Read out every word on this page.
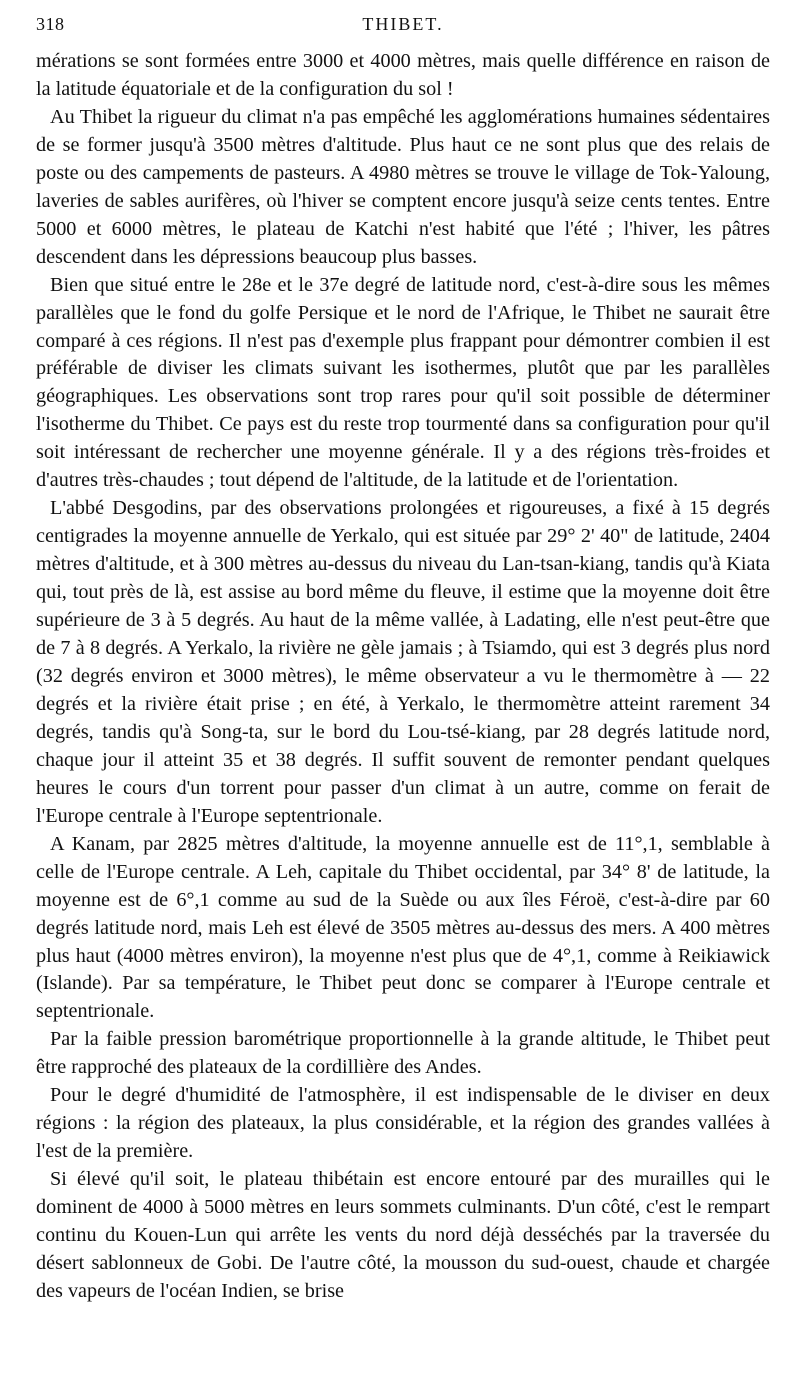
318	THIBET.

mérations se sont formées entre 3000 et 4000 mètres, mais quelle différence en raison de la latitude équatoriale et de la configuration du sol !

Au Thibet la rigueur du climat n'a pas empêché les agglomérations humaines sédentaires de se former jusqu'à 3500 mètres d'altitude. Plus haut ce ne sont plus que des relais de poste ou des campements de pasteurs. A 4980 mètres se trouve le village de Tok-Yaloung, laveries de sables aurifères, où l'hiver se comptent encore jusqu'à seize cents tentes. Entre 5000 et 6000 mètres, le plateau de Katchi n'est habité que l'été ; l'hiver, les pâtres descendent dans les dépressions beaucoup plus basses.

Bien que situé entre le 28e et le 37e degré de latitude nord, c'est-à-dire sous les mêmes parallèles que le fond du golfe Persique et le nord de l'Afrique, le Thibet ne saurait être comparé à ces régions. Il n'est pas d'exemple plus frappant pour démontrer combien il est préférable de diviser les climats suivant les isothermes, plutôt que par les parallèles géographiques. Les observations sont trop rares pour qu'il soit possible de déterminer l'isotherme du Thibet. Ce pays est du reste trop tourmenté dans sa configuration pour qu'il soit intéressant de rechercher une moyenne générale. Il y a des régions très-froides et d'autres très-chaudes ; tout dépend de l'altitude, de la latitude et de l'orientation.

L'abbé Desgodins, par des observations prolongées et rigoureuses, a fixé à 15 degrés centigrades la moyenne annuelle de Yerkalo, qui est située par 29° 2' 40" de latitude, 2404 mètres d'altitude, et à 300 mètres au-dessus du niveau du Lan-tsan-kiang, tandis qu'à Kiata qui, tout près de là, est assise au bord même du fleuve, il estime que la moyenne doit être supérieure de 3 à 5 degrés. Au haut de la même vallée, à Ladating, elle n'est peut-être que de 7 à 8 degrés. A Yerkalo, la rivière ne gèle jamais ; à Tsiamdo, qui est 3 degrés plus nord (32 degrés environ et 3000 mètres), le même observateur a vu le thermomètre à — 22 degrés et la rivière était prise ; en été, à Yerkalo, le thermomètre atteint rarement 34 degrés, tandis qu'à Song-ta, sur le bord du Lou-tsé-kiang, par 28 degrés latitude nord, chaque jour il atteint 35 et 38 degrés. Il suffit souvent de remonter pendant quelques heures le cours d'un torrent pour passer d'un climat à un autre, comme on ferait de l'Europe centrale à l'Europe septentrionale.

A Kanam, par 2825 mètres d'altitude, la moyenne annuelle est de 11°,1, semblable à celle de l'Europe centrale. A Leh, capitale du Thibet occidental, par 34° 8' de latitude, la moyenne est de 6°,1 comme au sud de la Suède ou aux îles Féroë, c'est-à-dire par 60 degrés latitude nord, mais Leh est élevé de 3505 mètres au-dessus des mers. A 400 mètres plus haut (4000 mètres environ), la moyenne n'est plus que de 4°,1, comme à Reikiawick (Islande). Par sa température, le Thibet peut donc se comparer à l'Europe centrale et septentrionale.

Par la faible pression barométrique proportionnelle à la grande altitude, le Thibet peut être rapproché des plateaux de la cordillière des Andes.

Pour le degré d'humidité de l'atmosphère, il est indispensable de le diviser en deux régions : la région des plateaux, la plus considérable, et la région des grandes vallées à l'est de la première.

Si élevé qu'il soit, le plateau thibétain est encore entouré par des murailles qui le dominent de 4000 à 5000 mètres en leurs sommets culminants. D'un côté, c'est le rempart continu du Kouen-Lun qui arrête les vents du nord déjà desséchés par la traversée du désert sablonneux de Gobi. De l'autre côté, la mousson du sud-ouest, chaude et chargée des vapeurs de l'océan Indien, se brise
